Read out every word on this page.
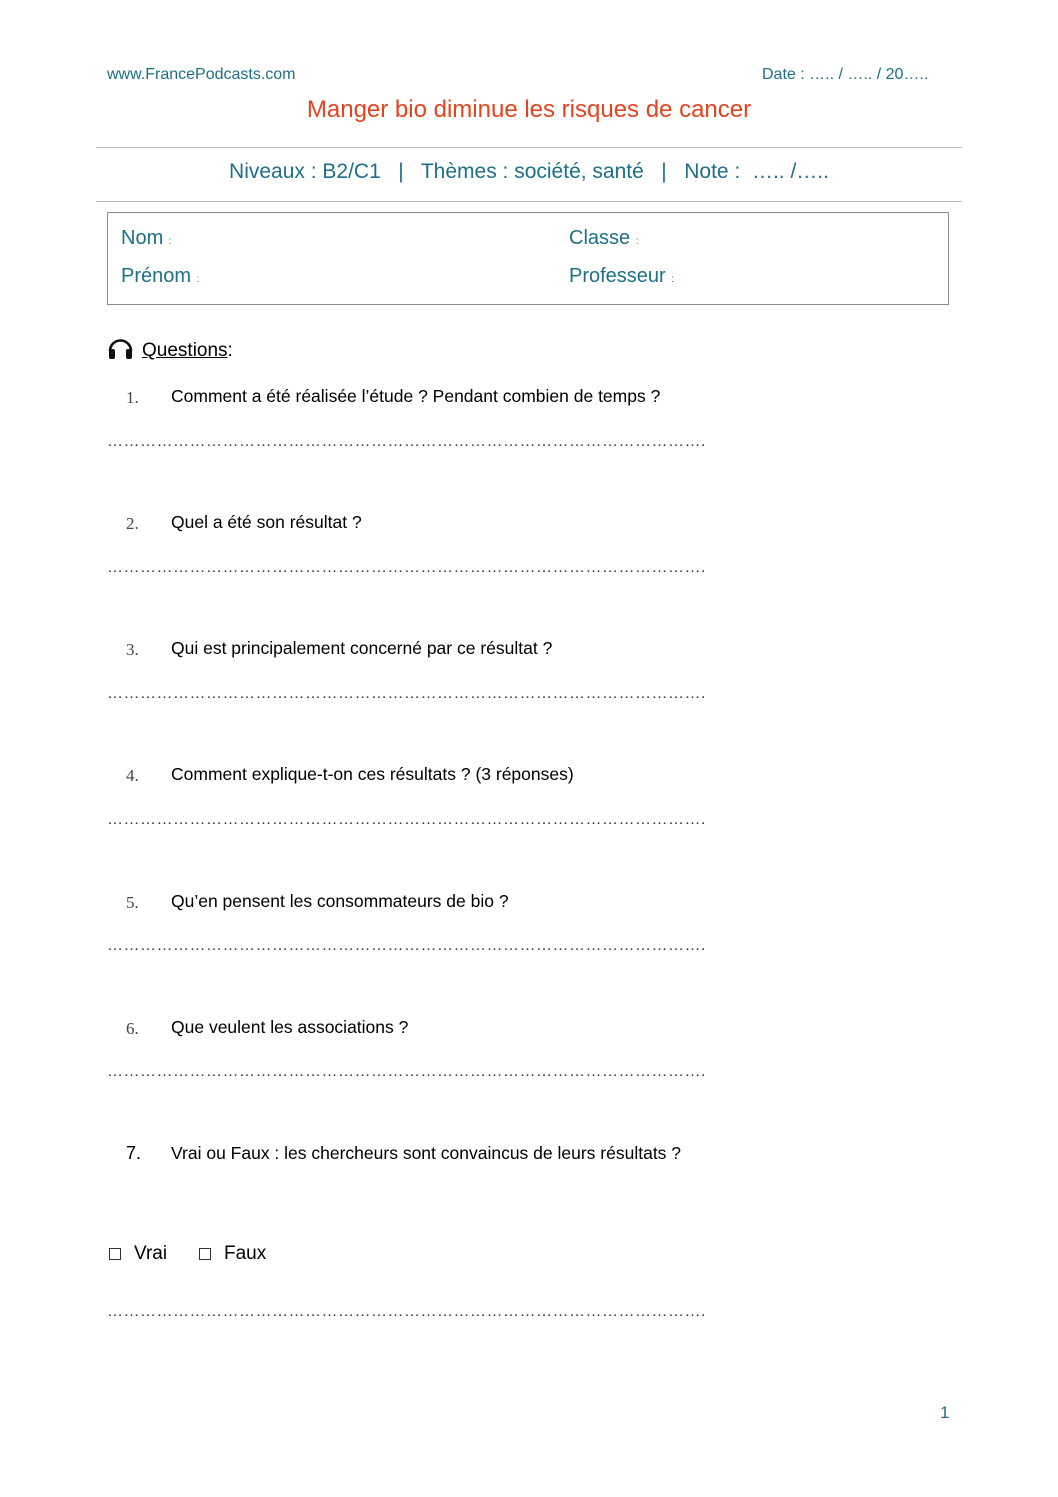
www.FrancePodcasts.com	Date : ….. / ….. / 20…..
Manger bio diminue les risques de cancer
Niveaux : B2/C1   |   Thèmes : société, santé   |   Note :  ….. /…..
Nom :
Prénom :
Classe :
Professeur :
Questions :
1. Comment a été réalisée l’étude ? Pendant combien de temps ?
……………………………………………………………………………………………….
2. Quel a été son résultat ?
……………………………………………………………………………………………….
3. Qui est principalement concerné par ce résultat ?
……………………………………………………………………………………………….
4. Comment explique-t-on ces résultats ? (3 réponses)
……………………………………………………………………………………………….
5. Qu’en pensent les consommateurs de bio ?
……………………………………………………………………………………………….
6. Que veulent les associations ?
……………………………………………………………………………………………….
7. Vrai ou Faux : les chercheurs sont convaincus de leurs résultats ?
Vrai	Faux
……………………………………………………………………………………………….
1
